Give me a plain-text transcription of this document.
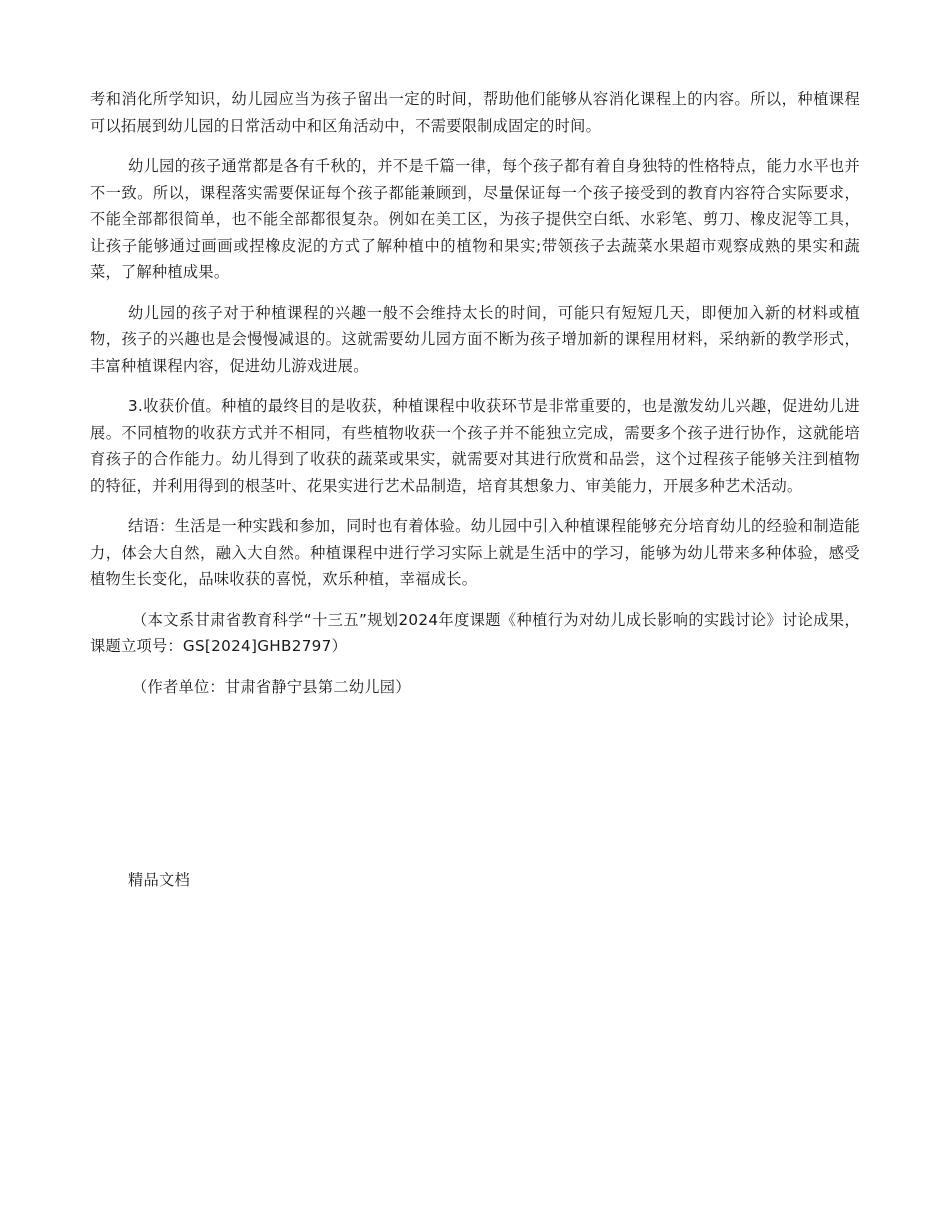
考和消化所学知识，幼儿园应当为孩子留出一定的时间，帮助他们能够从容消化课程上的内容。所以，种植课程可以拓展到幼儿园的日常活动中和区角活动中，不需要限制成固定的时间。

幼儿园的孩子通常都是各有千秋的，并不是千篇一律，每个孩子都有着自身独特的性格特点，能力水平也并不一致。所以，课程落实需要保证每个孩子都能兼顾到，尽量保证每一个孩子接受到的教育内容符合实际要求，不能全部都很简单，也不能全部都很复杂。例如在美工区，为孩子提供空白纸、水彩笔、剪刀、橡皮泥等工具，让孩子能够通过画画或捏橡皮泥的方式了解种植中的植物和果实;带领孩子去蔬菜水果超市观察成熟的果实和蔬菜，了解种植成果。

幼儿园的孩子对于种植课程的兴趣一般不会维持太长的时间，可能只有短短几天，即便加入新的材料或植物，孩子的兴趣也是会慢慢减退的。这就需要幼儿园方面不断为孩子增加新的课程用材料，采纳新的教学形式，丰富种植课程内容，促进幼儿游戏进展。

3.收获价值。种植的最终目的是收获，种植课程中收获环节是非常重要的，也是激发幼儿兴趣，促进幼儿进展。不同植物的收获方式并不相同，有些植物收获一个孩子并不能独立完成，需要多个孩子进行协作，这就能培育孩子的合作能力。幼儿得到了收获的蔬菜或果实，就需要对其进行欣赏和品尝，这个过程孩子能够关注到植物的特征，并利用得到的根茎叶、花果实进行艺术品制造，培育其想象力、审美能力，开展多种艺术活动。

结语：生活是一种实践和参加，同时也有着体验。幼儿园中引入种植课程能够充分培育幼儿的经验和制造能力，体会大自然，融入大自然。种植课程中进行学习实际上就是生活中的学习，能够为幼儿带来多种体验，感受植物生长变化，品味收获的喜悦，欢乐种植，幸福成长。

（本文系甘肃省教育科学“十三五”规划2024年度课题《种植行为对幼儿成长影响的实践讨论》讨论成果，课题立项号：GS[2024]GHB2797）

（作者单位：甘肃省静宁县第二幼儿园）

精品文档
